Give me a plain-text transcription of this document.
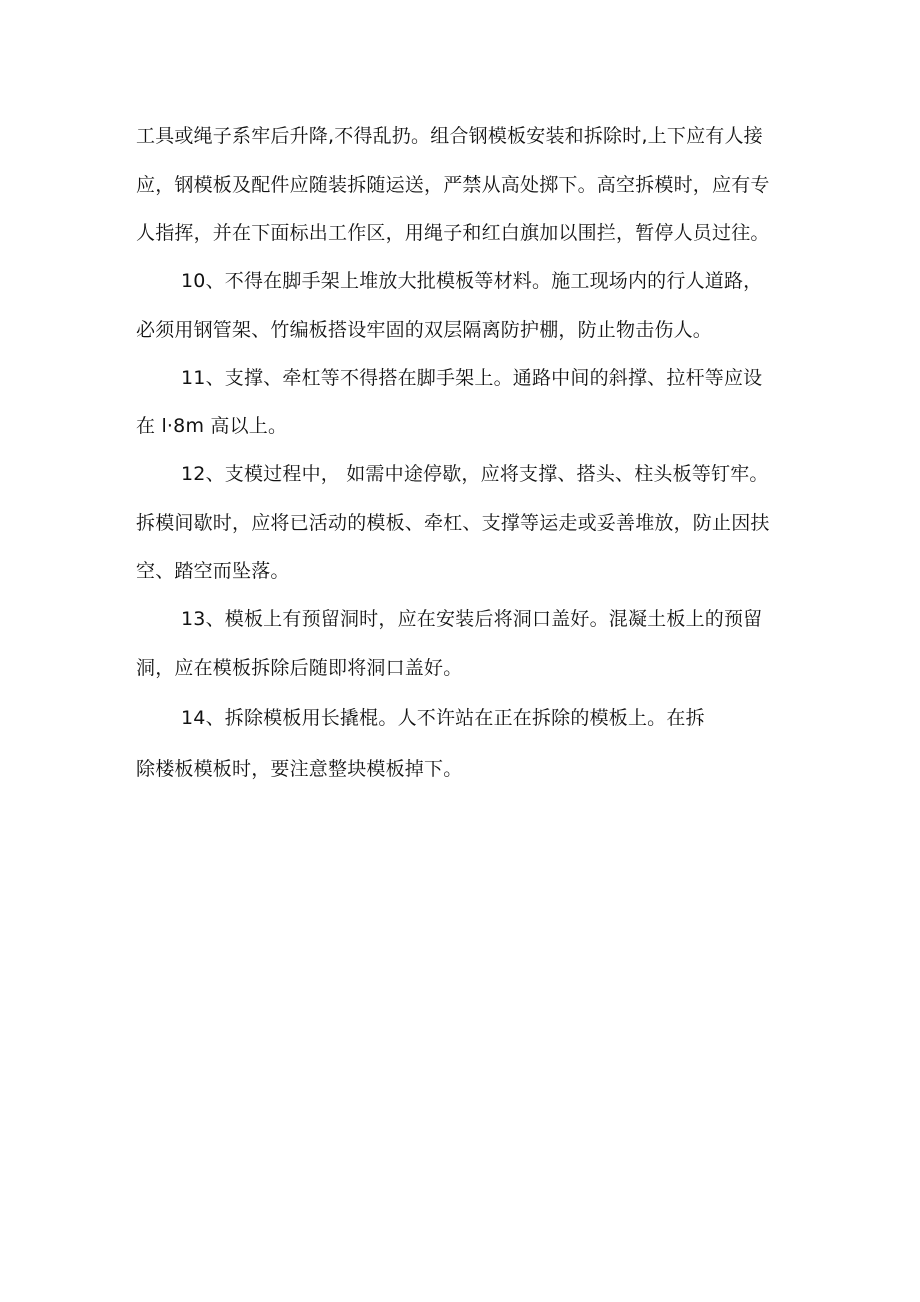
工具或绳子系牢后升降,不得乱扔。组合钢模板安装和拆除时,上下应有人接
应，钢模板及配件应随装拆随运送，严禁从高处掷下。高空拆模时，应有专
人指挥，并在下面标出工作区，用绳子和红白旗加以围拦，暂停人员过往。
10、不得在脚手架上堆放大批模板等材料。施工现场内的行人道路，
必须用钢管架、竹编板搭设牢固的双层隔离防护棚，防止物击伤人。
11、支撑、牵杠等不得搭在脚手架上。通路中间的斜撑、拉杆等应设
在 l·8m 高以上。
12、支模过程中， 如需中途停歇，应将支撑、搭头、柱头板等钉牢。
拆模间歇时，应将已活动的模板、牵杠、支撑等运走或妥善堆放，防止因扶
空、踏空而坠落。
13、模板上有预留洞时，应在安装后将洞口盖好。混凝土板上的预留
洞，应在模板拆除后随即将洞口盖好。
14、拆除模板用长撬棍。人不许站在正在拆除的模板上。在拆
除楼板模板时，要注意整块模板掉下。
